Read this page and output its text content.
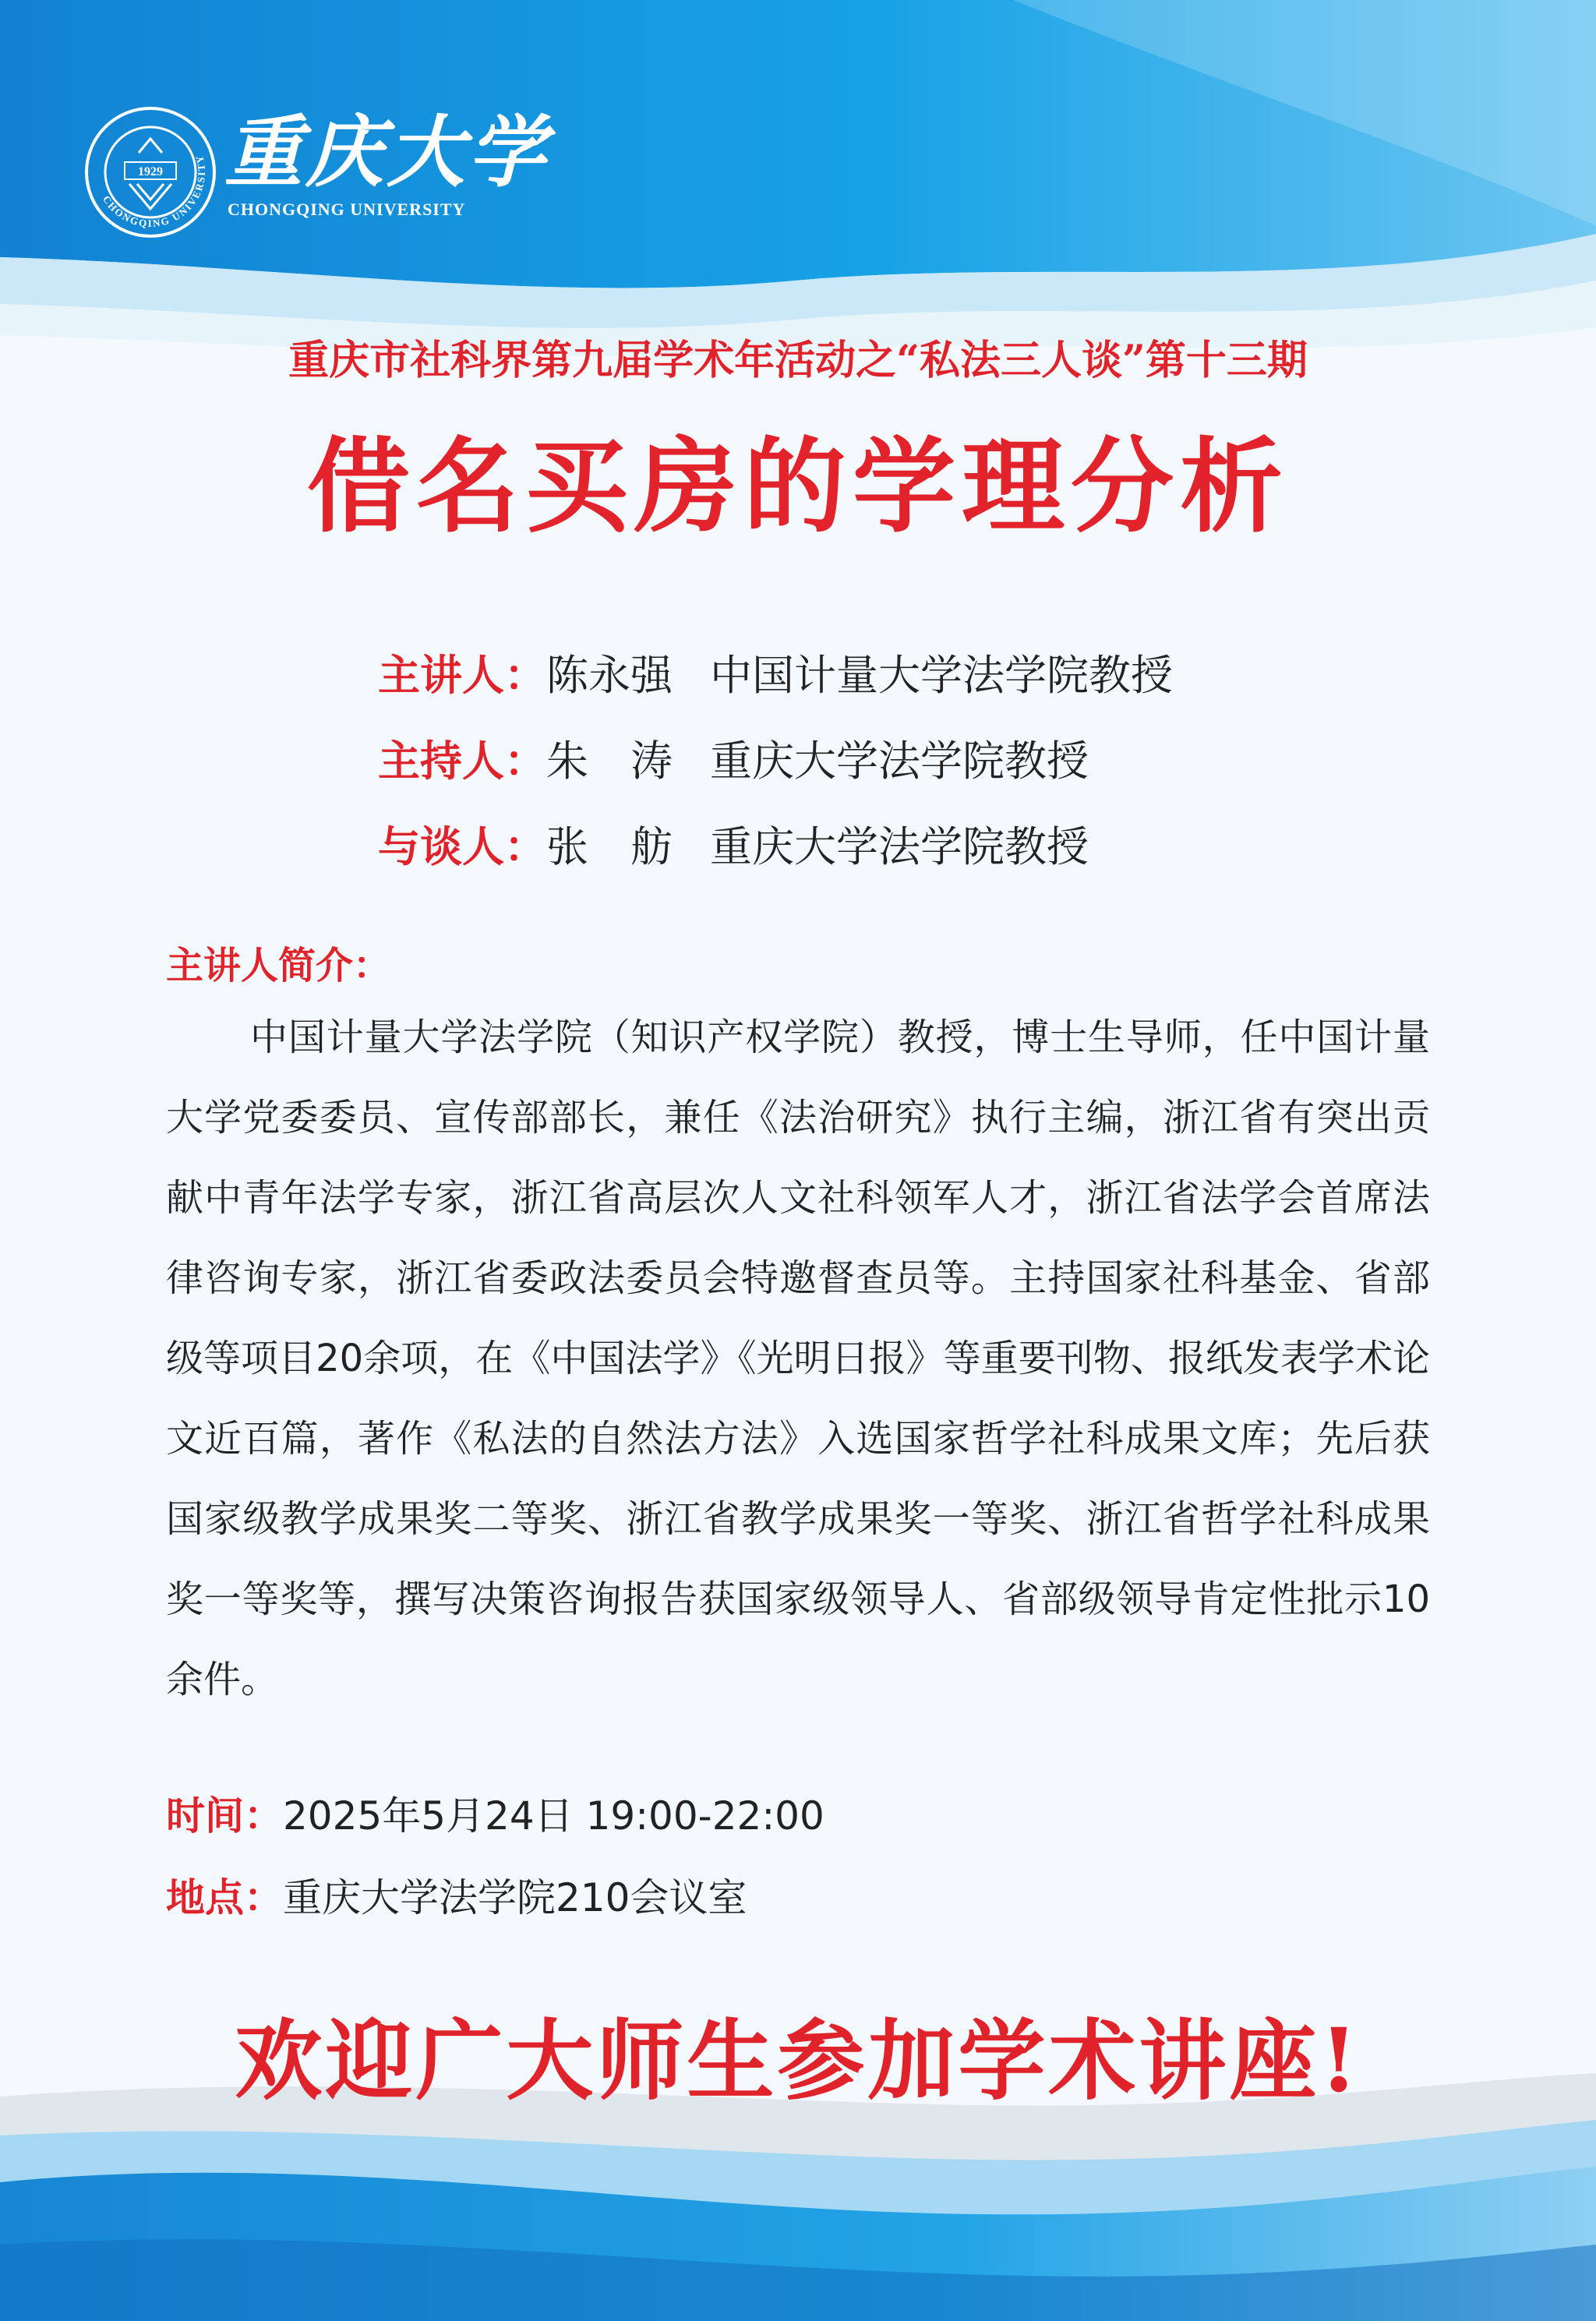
CHONGQING UNIVERSITY
1929 重庆大学
CHONGQING UNIVERSITY
重庆市社科界第九届学术年活动之“私法三人谈”第十三期
借名买房的学理分析
主讲人：陈永强 中国计量大学法学院教授
主持人：朱　涛 重庆大学法学院教授
与谈人：张　舫 重庆大学法学院教授
主讲人简介：

中国计量大学法学院（知识产权学院）教授，博士生导师，任中国计量大学党委委员、宣传部部长，兼任《法治研究》执行主编，浙江省有突出贡献中青年法学专家，浙江省高层次人文社科领军人才，浙江省法学会首席法律咨询专家，浙江省委政法委员会特邀督查员等。主持国家社科基金、省部级等项目20余项，在《中国法学》《光明日报》等重要刊物、报纸发表学术论文近百篇，著作《私法的自然法方法》入选国家哲学社科成果文库；先后获国家级教学成果奖二等奖、浙江省教学成果奖一等奖、浙江省哲学社科成果奖一等奖等，撰写决策咨询报告获国家级领导人、省部级领导肯定性批示10余件。

时间：2025年5月24日 19:00-22:00
地点：重庆大学法学院210会议室
欢迎广大师生参加学术讲座!
